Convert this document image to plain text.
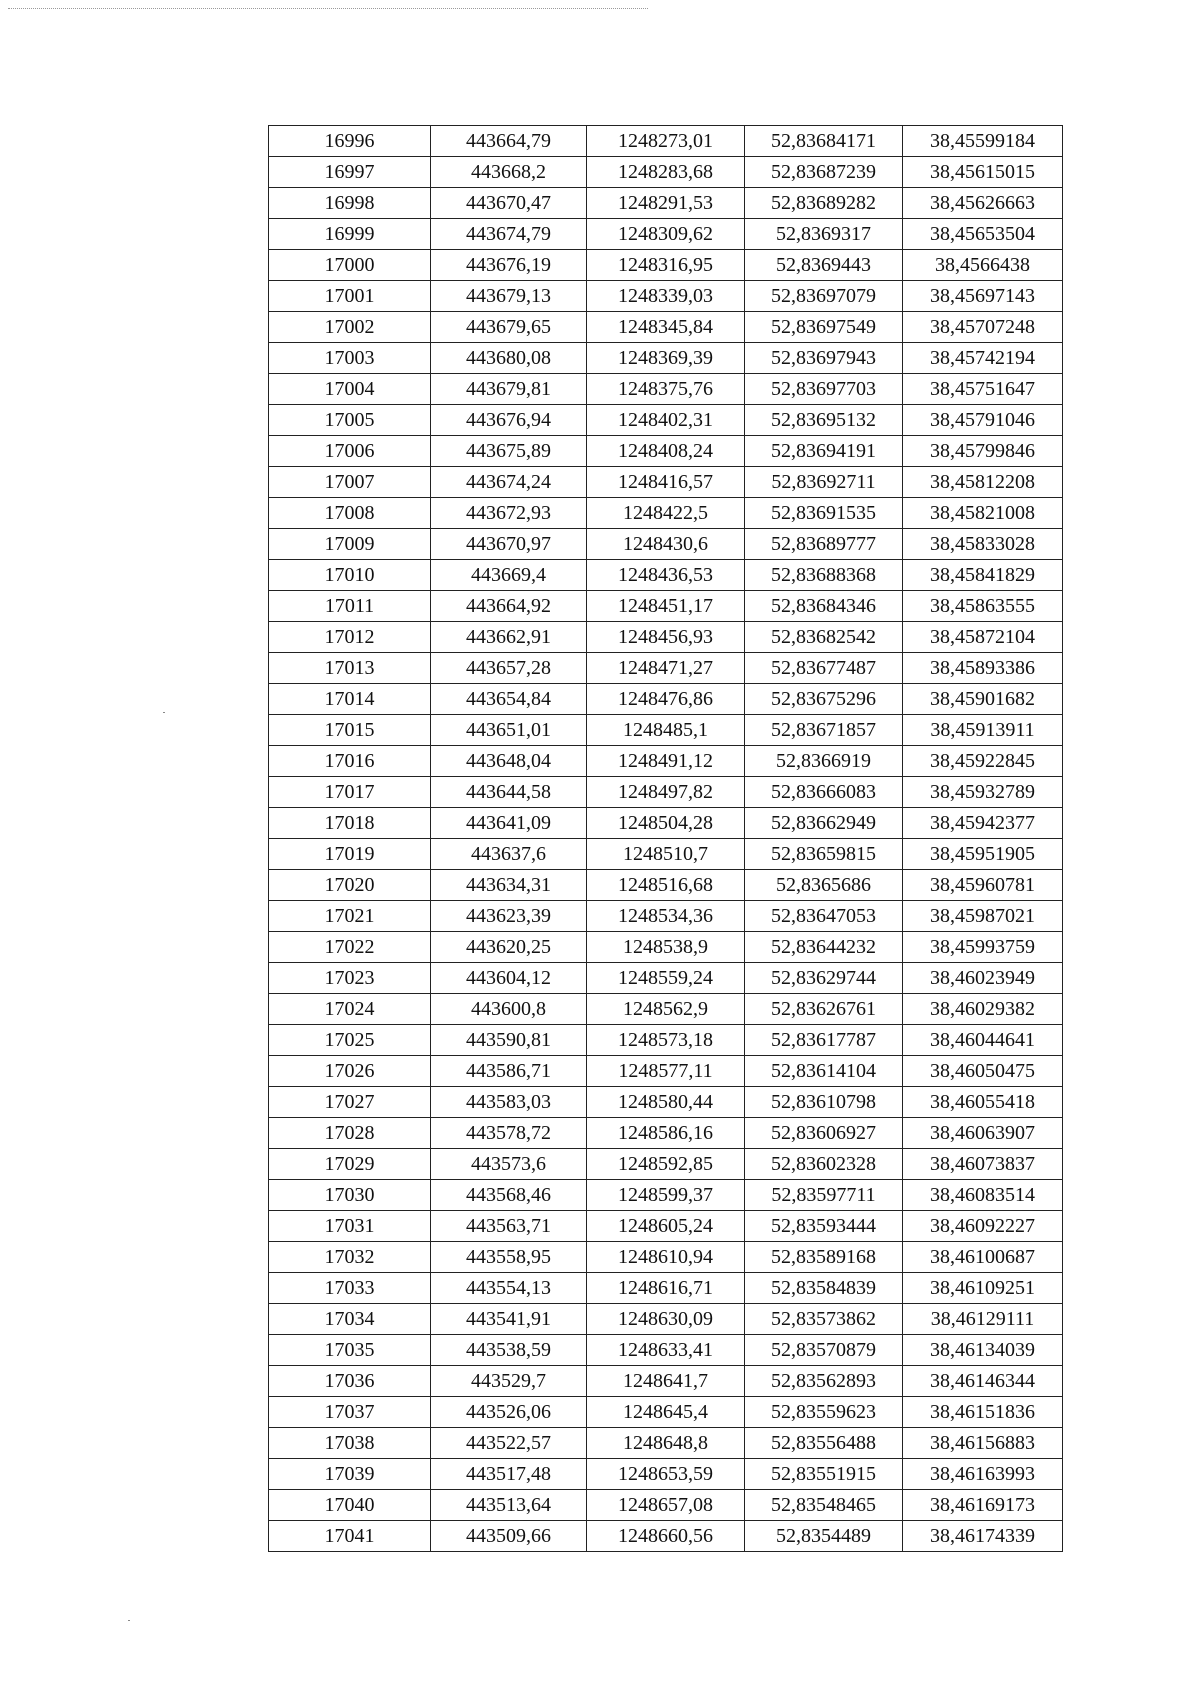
16996	443664,79	1248273,01	52,83684171	38,45599184
16997	443668,2	1248283,68	52,83687239	38,45615015
16998	443670,47	1248291,53	52,83689282	38,45626663
16999	443674,79	1248309,62	52,8369317	38,45653504
17000	443676,19	1248316,95	52,8369443	38,4566438
17001	443679,13	1248339,03	52,83697079	38,45697143
17002	443679,65	1248345,84	52,83697549	38,45707248
17003	443680,08	1248369,39	52,83697943	38,45742194
17004	443679,81	1248375,76	52,83697703	38,45751647
17005	443676,94	1248402,31	52,83695132	38,45791046
17006	443675,89	1248408,24	52,83694191	38,45799846
17007	443674,24	1248416,57	52,83692711	38,45812208
17008	443672,93	1248422,5	52,83691535	38,45821008
17009	443670,97	1248430,6	52,83689777	38,45833028
17010	443669,4	1248436,53	52,83688368	38,45841829
17011	443664,92	1248451,17	52,83684346	38,45863555
17012	443662,91	1248456,93	52,83682542	38,45872104
17013	443657,28	1248471,27	52,83677487	38,45893386
17014	443654,84	1248476,86	52,83675296	38,45901682
17015	443651,01	1248485,1	52,83671857	38,45913911
17016	443648,04	1248491,12	52,8366919	38,45922845
17017	443644,58	1248497,82	52,83666083	38,45932789
17018	443641,09	1248504,28	52,83662949	38,45942377
17019	443637,6	1248510,7	52,83659815	38,45951905
17020	443634,31	1248516,68	52,8365686	38,45960781
17021	443623,39	1248534,36	52,83647053	38,45987021
17022	443620,25	1248538,9	52,83644232	38,45993759
17023	443604,12	1248559,24	52,83629744	38,46023949
17024	443600,8	1248562,9	52,83626761	38,46029382
17025	443590,81	1248573,18	52,83617787	38,46044641
17026	443586,71	1248577,11	52,83614104	38,46050475
17027	443583,03	1248580,44	52,83610798	38,46055418
17028	443578,72	1248586,16	52,83606927	38,46063907
17029	443573,6	1248592,85	52,83602328	38,46073837
17030	443568,46	1248599,37	52,83597711	38,46083514
17031	443563,71	1248605,24	52,83593444	38,46092227
17032	443558,95	1248610,94	52,83589168	38,46100687
17033	443554,13	1248616,71	52,83584839	38,46109251
17034	443541,91	1248630,09	52,83573862	38,46129111
17035	443538,59	1248633,41	52,83570879	38,46134039
17036	443529,7	1248641,7	52,83562893	38,46146344
17037	443526,06	1248645,4	52,83559623	38,46151836
17038	443522,57	1248648,8	52,83556488	38,46156883
17039	443517,48	1248653,59	52,83551915	38,46163993
17040	443513,64	1248657,08	52,83548465	38,46169173
17041	443509,66	1248660,56	52,8354489	38,46174339
